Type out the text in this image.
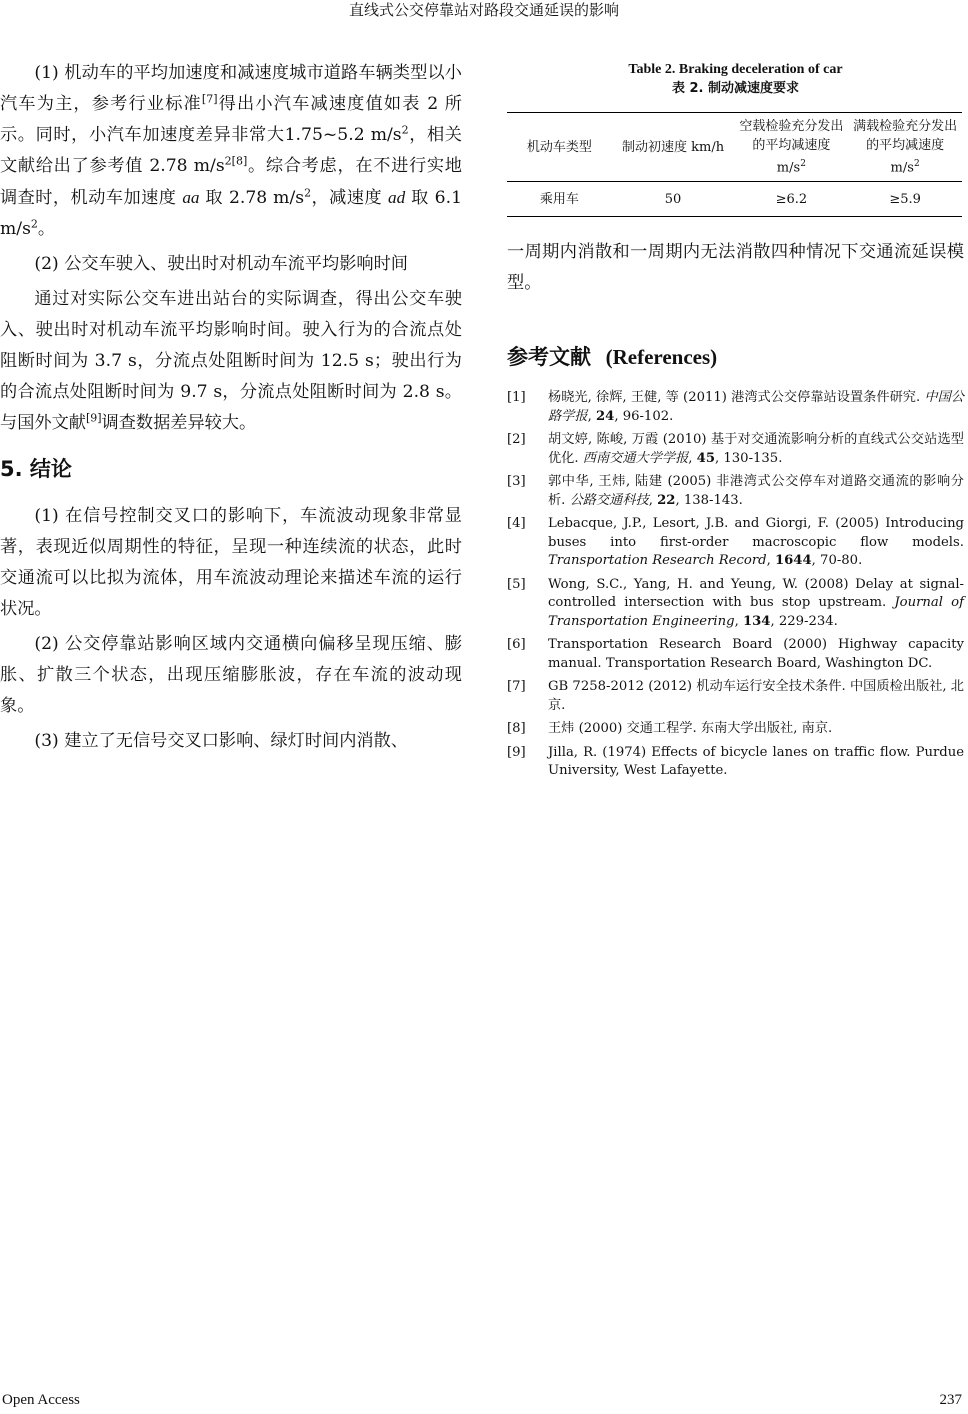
直线式公交停靠站对路段交通延误的影响

(1) 机动车的平均加速度和减速度城市道路车辆类型以小汽车为主，参考行业标准[7]得出小汽车减速度值如表 2 所示。同时，小汽车加速度差异非常大1.75~5.2 $m/s^2$，相关文献给出了参考值 2.78 $m/s^{2[8]}$。综合考虑，在不进行实地调查时，机动车加速度 aa 取 2.78 $m/s^2$，减速度 ad 取 6.1 $m/s^2$。

(2) 公交车驶入、驶出时对机动车流平均影响时间

通过对实际公交车进出站台的实际调查，得出公交车驶入、驶出时对机动车流平均影响时间。驶入行为的合流点处阻断时间为 3.7 s，分流点处阻断时间为 12.5 s；驶出行为的合流点处阻断时间为 9.7 s，分流点处阻断时间为 2.8 s。与国外文献[9]调查数据差异较大。

5. 结论

(1) 在信号控制交叉口的影响下，车流波动现象非常显著，表现近似周期性的特征，呈现一种连续流的状态，此时交通流可以比拟为流体，用车流波动理论来描述车流的运行状况。

(2) 公交停靠站影响区域内交通横向偏移呈现压缩、膨胀、扩散三个状态，出现压缩膨胀波，存在车流的波动现象。

(3) 建立了无信号交叉口影响、绿灯时间内消散、

Table 2. Braking deceleration of car
表 2. 制动减速度要求
机动车类型	制动初速度 km/h	空载检验充分发出的平均减速度 $m/s^2$	满载检验充分发出的平均减速度 $m/s^2$
乘用车	50	≥6.2	≥5.9

一周期内消散和一周期内无法消散四种情况下交通流延误模型。

参考文献 (References)
[1]	杨晓光, 徐辉, 王健, 等 (2011) 港湾式公交停靠站设置条件研究. 中国公路学报, 24, 96-102.
[2]	胡文婷, 陈峻, 万霞 (2010) 基于对交通流影响分析的直线式公交站选型优化. 西南交通大学学报, 45, 130-135.
[3]	郭中华, 王炜, 陆建 (2005) 非港湾式公交停车对道路交通流的影响分析. 公路交通科技, 22, 138-143.
[4]	Lebacque, J.P., Lesort, J.B. and Giorgi, F. (2005) Introducing buses into first-order macroscopic flow models. Transportation Research Record, 1644, 70-80.
[5]	Wong, S.C., Yang, H. and Yeung, W. (2008) Delay at signal-controlled intersection with bus stop upstream. Journal of Transportation Engineering, 134, 229-234.
[6]	Transportation Research Board (2000) Highway capacity manual. Transportation Research Board, Washington DC.
[7]	GB 7258-2012 (2012) 机动车运行安全技术条件. 中国质检出版社, 北京.
[8]	王炜 (2000) 交通工程学. 东南大学出版社, 南京.
[9]	Jilla, R. (1974) Effects of bicycle lanes on traffic flow. Purdue University, West Lafayette.
Open Access	237
